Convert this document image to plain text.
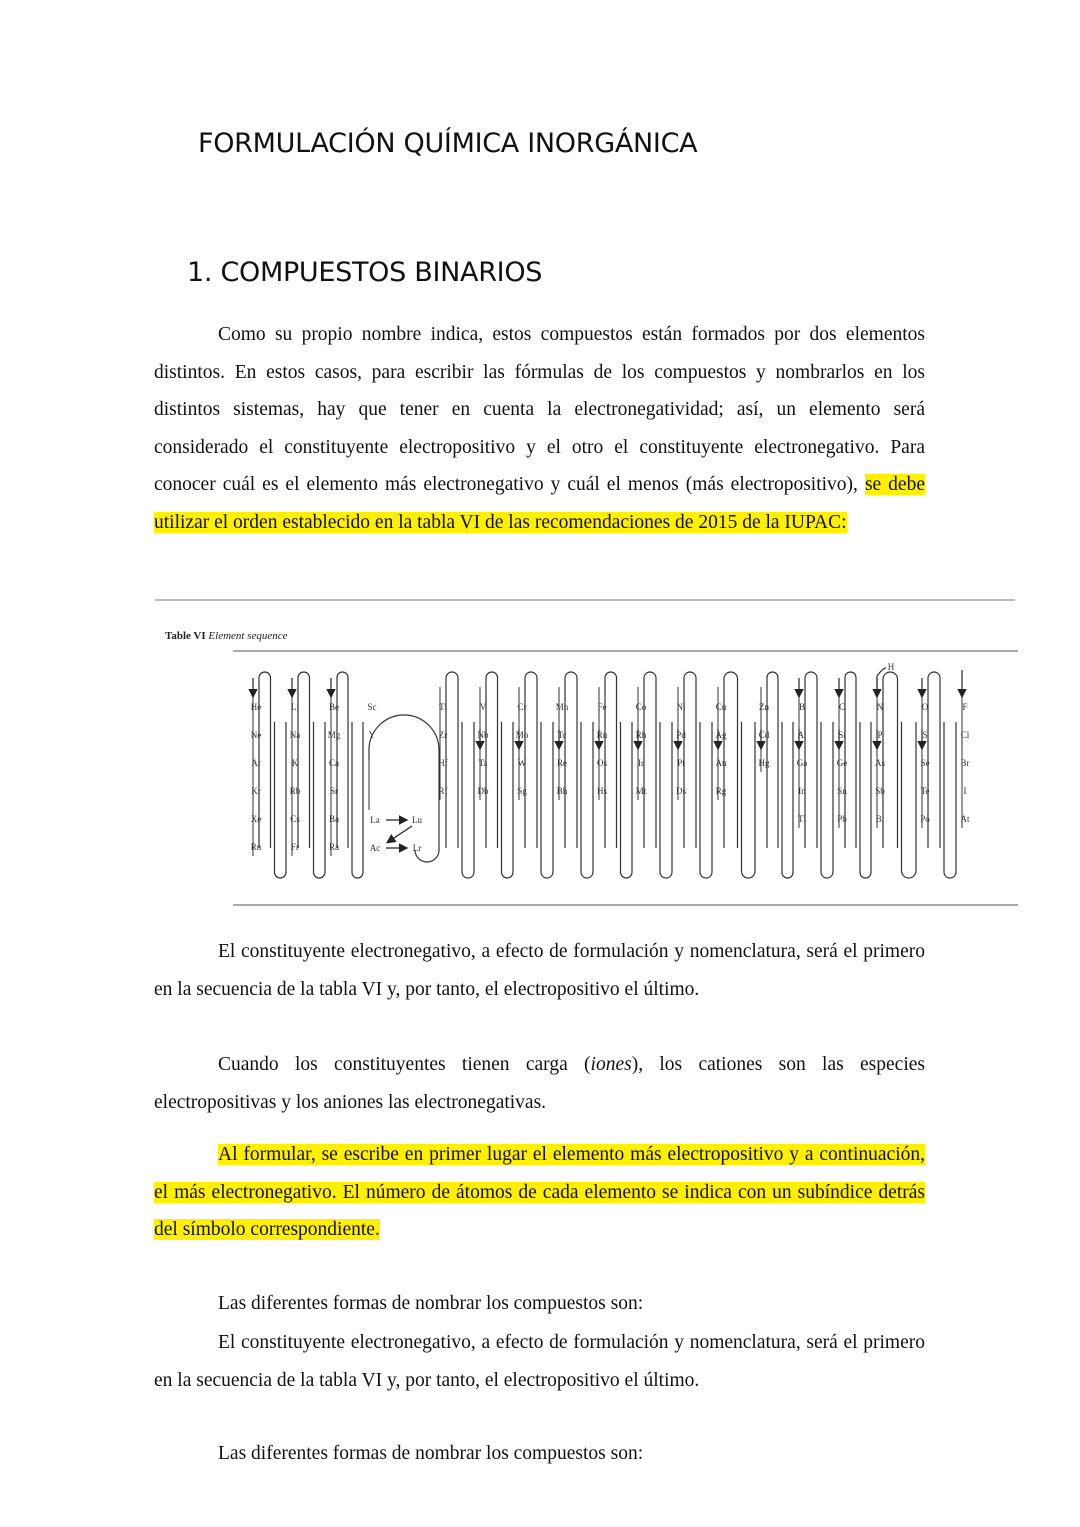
FORMULACIÓN QUÍMICA INORGÁNICA
1. COMPUESTOS BINARIOS
Como su propio nombre indica, estos compuestos están formados por dos elementos distintos. En estos casos, para escribir las fórmulas de los compuestos y nombrarlos en los distintos sistemas, hay que tener en cuenta la electronegatividad; así, un elemento será considerado el constituyente electropositivo y el otro el constituyente electronegativo. Para conocer cuál es el elemento más electronegativo y cuál el menos (más electropositivo), se debe utilizar el orden establecido en la tabla VI de las recomendaciones de 2015 de la IUPAC:
Table VI Element sequence
He
Ne
Ar
Kr
Xe
Rn
Li
Na
K
Rb
Cs
Fr
Be
Mg
Ca
Sr
Ba
Ra
Sc
Y
La
Ac
Ti
Zr
Hf
Rf
V
Nb
Ta
Db
Cr
Mo
W
Sg
Mn
Tc
Re
Bh
Fe
Ru
Os
Hs
Co
Rh
Ir
Mt
Ni
Pd
Pt
Ds
Cu
Ag
Au
Rg
Zn
Cd
Hg
B
Al
Ga
In
Tl
C
Si
Ge
Sn
Pb
N
P
As
Sb
Bi
O
S
Se
Te
Po
F
Cl
Br
I
At
Lu
Lr
H
El constituyente electronegativo, a efecto de formulación y nomenclatura, será el primero en la secuencia de la tabla VI y, por tanto, el electropositivo el último.
Cuando los constituyentes tienen carga (iones), los cationes son las especies electropositivas y los aniones las electronegativas.
Al formular, se escribe en primer lugar el elemento más electropositivo y a continuación, el más electronegativo. El número de átomos de cada elemento se indica con un subíndice detrás del símbolo correspondiente.
Las diferentes formas de nombrar los compuestos son:
El constituyente electronegativo, a efecto de formulación y nomenclatura, será el primero en la secuencia de la tabla VI y, por tanto, el electropositivo el último.
Las diferentes formas de nombrar los compuestos son:
